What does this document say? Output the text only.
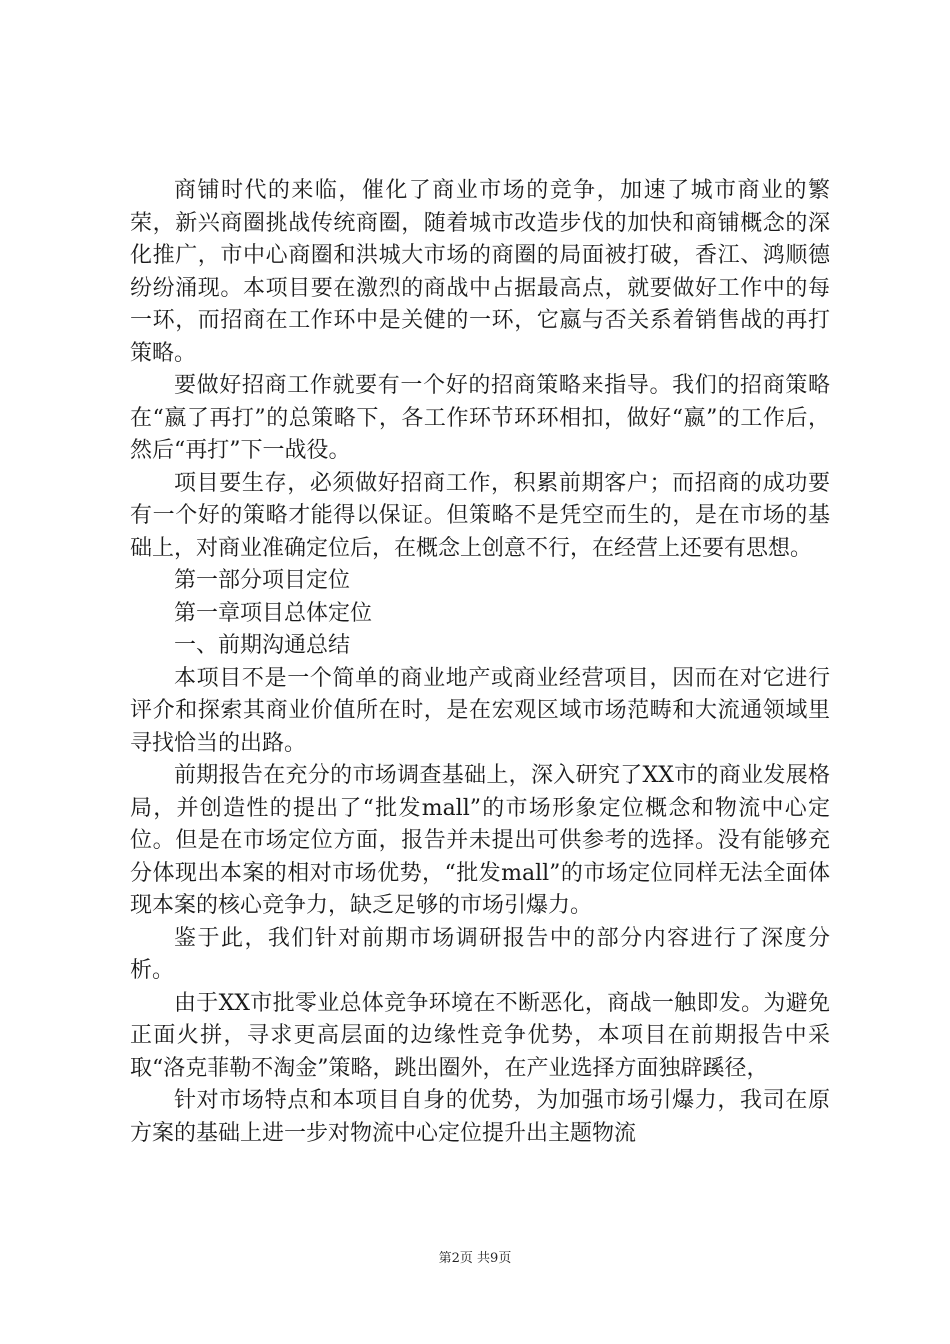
商铺时代的来临，催化了商业市场的竞争，加速了城市商业的繁荣，新兴商圈挑战传统商圈，随着城市改造步伐的加快和商铺概念的深化推广，市中心商圈和洪城大市场的商圈的局面被打破，香江、鸿顺德纷纷涌现。本项目要在激烈的商战中占据最高点，就要做好工作中的每一环，而招商在工作环中是关健的一环，它嬴与否关系着销售战的再打策略。

要做好招商工作就要有一个好的招商策略来指导。我们的招商策略在“嬴了再打”的总策略下，各工作环节环环相扣，做好“嬴”的工作后，然后“再打”下一战役。

项目要生存，必须做好招商工作，积累前期客户；而招商的成功要有一个好的策略才能得以保证。但策略不是凭空而生的，是在市场的基础上，对商业准确定位后，在概念上创意不行，在经营上还要有思想。

第一部分项目定位

第一章项目总体定位

一、前期沟通总结

本项目不是一个简单的商业地产或商业经营项目，因而在对它进行评介和探索其商业价值所在时，是在宏观区域市场范畴和大流通领域里寻找恰当的出路。

前期报告在充分的市场调查基础上，深入研究了XX市的商业发展格局，并创造性的提出了“批发mall”的市场形象定位概念和物流中心定位。但是在市场定位方面，报告并未提出可供参考的选择。没有能够充分体现出本案的相对市场优势，“批发mall”的市场定位同样无法全面体现本案的核心竞争力，缺乏足够的市场引爆力。

鉴于此，我们针对前期市场调研报告中的部分内容进行了深度分析。

由于XX市批零业总体竞争环境在不断恶化，商战一触即发。为避免正面火拼，寻求更高层面的边缘性竞争优势，本项目在前期报告中采取“洛克菲勒不淘金”策略，跳出圈外，在产业选择方面独辟蹊径，

针对市场特点和本项目自身的优势，为加强市场引爆力，我司在原方案的基础上进一步对物流中心定位提升出主题物流

第2页 共9页
